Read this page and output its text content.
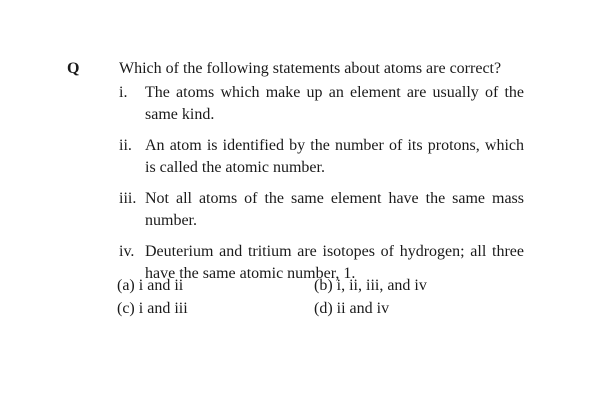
Q Which of the following statements about atoms are correct?
i. The atoms which make up an element are usually of the same kind.
ii. An atom is identified by the number of its protons, which is called the atomic number.
iii. Not all atoms of the same element have the same mass number.
iv. Deuterium and tritium are isotopes of hydrogen; all three have the same atomic number, 1.
(a) i and ii	(b) i, ii, iii, and iv
(c) i and iii	(d) ii and iv
